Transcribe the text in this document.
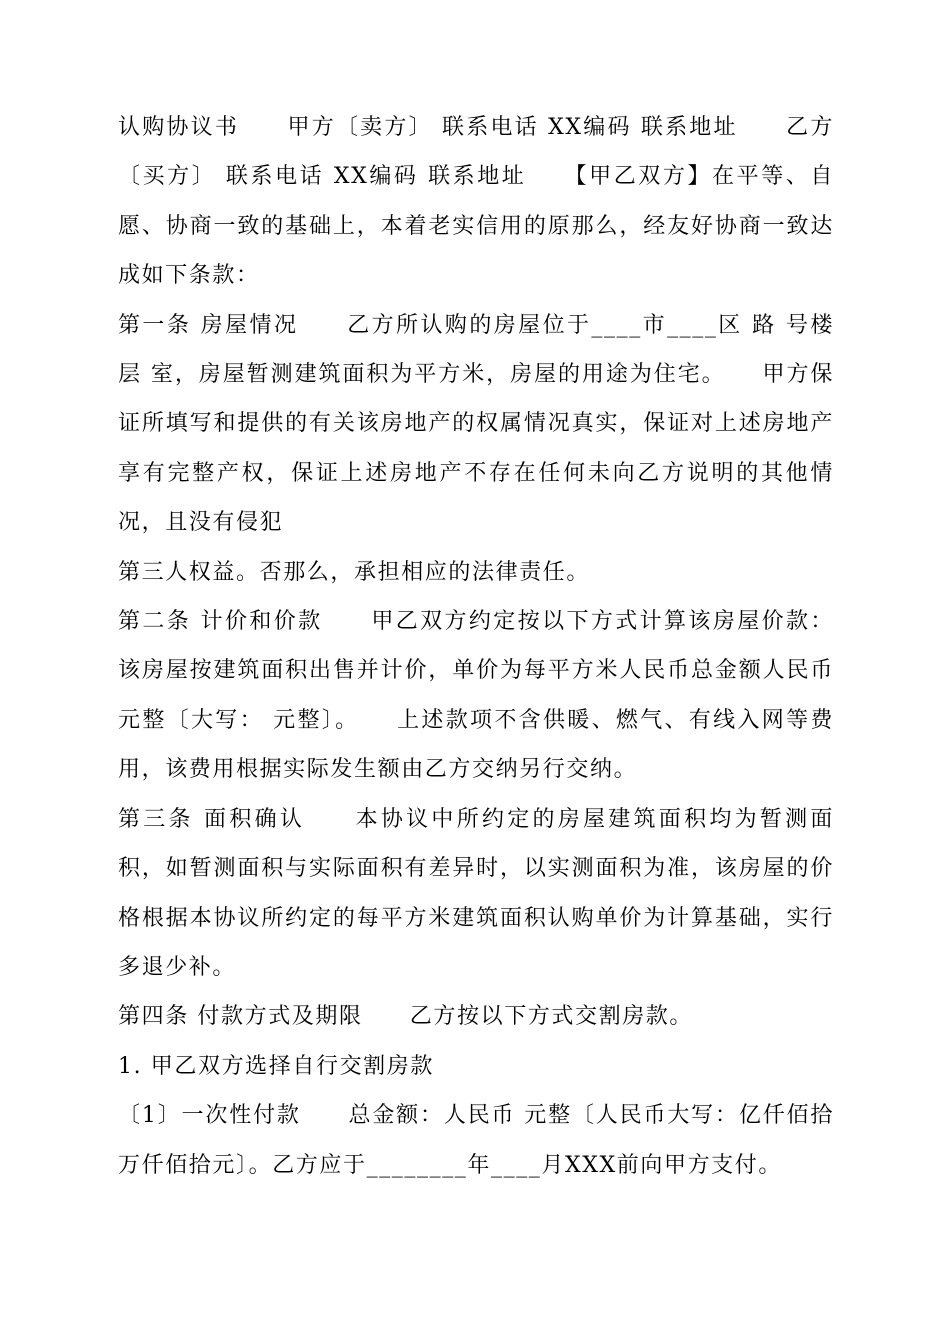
认购协议书　　甲方〔卖方〕 联系电话 XX编码 联系地址　　乙方〔买方〕 联系电话 XX编码 联系地址　　【甲乙双方】在平等、自愿、协商一致的基础上，本着老实信用的原那么，经友好协商一致达成如下条款：

第一条 房屋情况　　乙方所认购的房屋位于____市____区 路 号楼 层 室，房屋暂测建筑面积为平方米，房屋的用途为住宅。　　甲方保证所填写和提供的有关该房地产的权属情况真实，保证对上述房地产享有完整产权，保证上述房地产不存在任何未向乙方说明的其他情况，且没有侵犯

第三人权益。否那么，承担相应的法律责任。

第二条 计价和价款　　甲乙双方约定按以下方式计算该房屋价款：该房屋按建筑面积出售并计价，单价为每平方米人民币总金额人民币 元整〔大写： 元整〕。　　上述款项不含供暖、燃气、有线入网等费用，该费用根据实际发生额由乙方交纳另行交纳。

第三条 面积确认　　本协议中所约定的房屋建筑面积均为暂测面积，如暂测面积与实际面积有差异时，以实测面积为准，该房屋的价格根据本协议所约定的每平方米建筑面积认购单价为计算基础，实行多退少补。

第四条 付款方式及期限　　乙方按以下方式交割房款。

1. 甲乙双方选择自行交割房款

〔1〕一次性付款　　总金额：人民币 元整〔人民币大写：亿仟佰拾万仟佰拾元〕。乙方应于________年____月XXX前向甲方支付。
